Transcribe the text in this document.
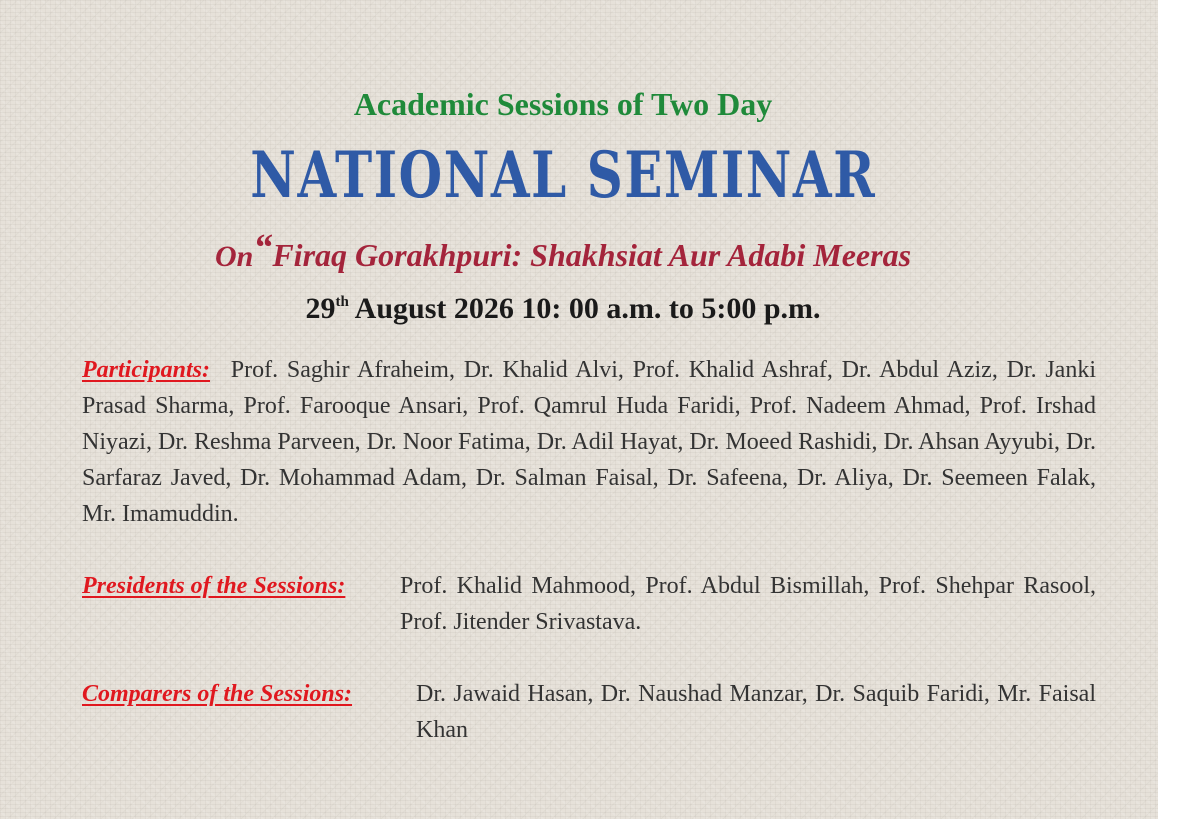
Academic Sessions of Two Day
NATIONAL SEMINAR
On“Firaq Gorakhpuri: Shakhsiat Aur Adabi Meeras
29th August 2026 10: 00 a.m. to 5:00 p.m.
Participants: Prof. Saghir Afraheim, Dr. Khalid Alvi, Prof. Khalid Ashraf, Dr. Abdul Aziz, Dr. Janki Prasad Sharma, Prof. Farooque Ansari, Prof. Qamrul Huda Faridi, Prof. Nadeem Ahmad, Prof. Irshad Niyazi, Dr. Reshma Parveen, Dr. Noor Fatima, Dr. Adil Hayat, Dr. Moeed Rashidi, Dr. Ahsan Ayyubi, Dr. Sarfaraz Javed, Dr. Mohammad Adam, Dr. Salman Faisal, Dr. Safeena, Dr. Aliya, Dr. Seemeen Falak, Mr. Imamuddin.
Presidents of the Sessions: Prof. Khalid Mahmood, Prof. Abdul Bismillah, Prof. Shehpar Rasool, Prof. Jitender Srivastava.
Comparers of the Sessions:	Dr. Jawaid Hasan, Dr. Naushad Manzar, Dr. Saquib Faridi, Mr. Faisal Khan
